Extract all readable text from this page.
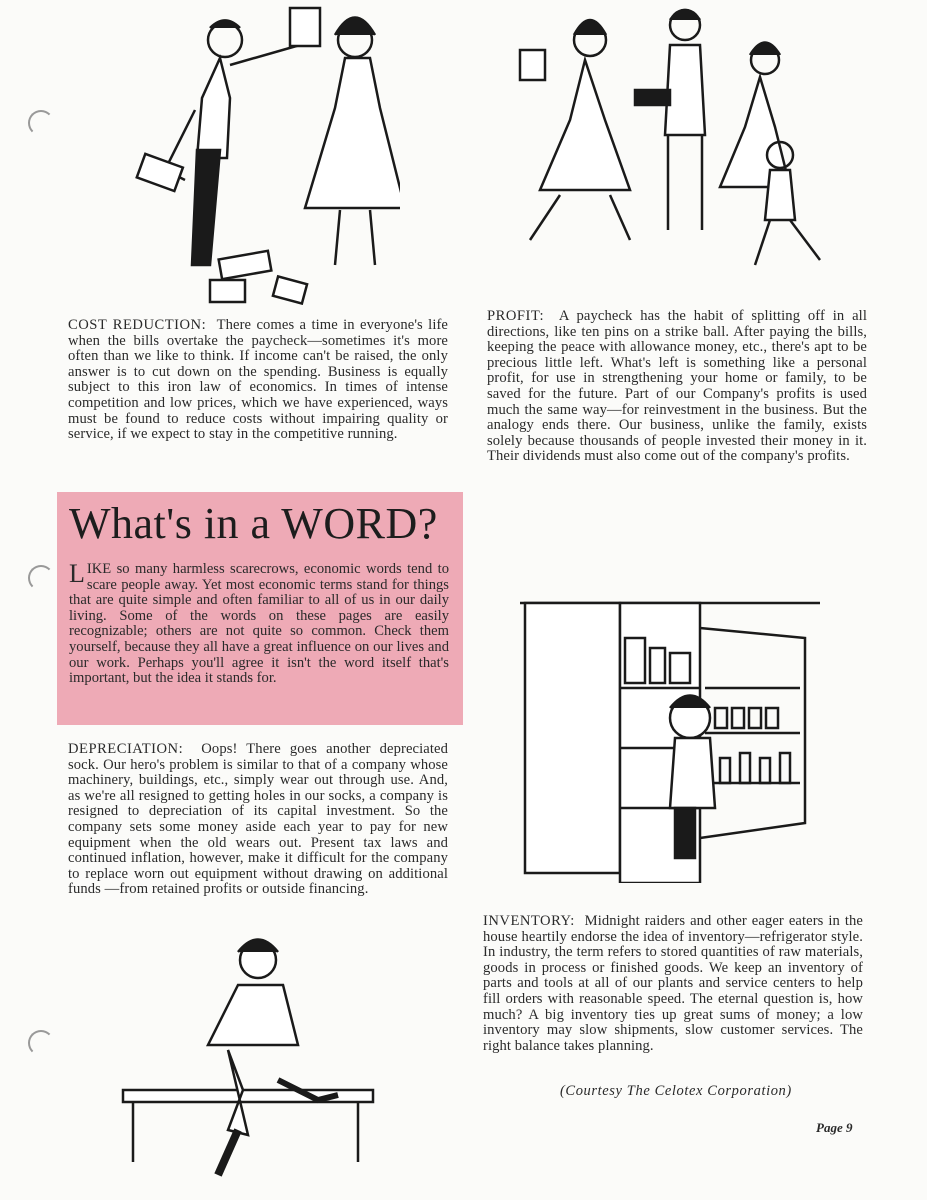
COST REDUCTION: There comes a time in everyone's life when the bills overtake the paycheck—sometimes it's more often than we like to think. If income can't be raised, the only answer is to cut down on the spending. Business is equally subject to this iron law of economics. In times of intense competition and low prices, which we have experienced, ways must be found to reduce costs without impairing quality or service, if we expect to stay in the competitive running.
PROFIT: A paycheck has the habit of splitting off in all directions, like ten pins on a strike ball. After paying the bills, keeping the peace with allowance money, etc., there's apt to be precious little left. What's left is something like a personal profit, for use in strengthening your home or family, to be saved for the future. Part of our Company's profits is used much the same way—for reinvestment in the business. But the analogy ends there. Our business, unlike the family, exists solely because thousands of people invested their money in it. Their dividends must also come out of the company's profits.
What's in a WORD?
LIKE so many harmless scarecrows, economic words tend to scare people away. Yet most economic terms stand for things that are quite simple and often familiar to all of us in our daily living. Some of the words on these pages are easily recognizable; others are not quite so common. Check them yourself, because they all have a great influence on our lives and our work. Perhaps you'll agree it isn't the word itself that's important, but the idea it stands for.
DEPRECIATION: Oops! There goes another depreciated sock. Our hero's problem is similar to that of a company whose machinery, buildings, etc., simply wear out through use. And, as we're all resigned to getting holes in our socks, a company is resigned to depreciation of its capital investment. So the company sets some money aside each year to pay for new equipment when the old wears out. Present tax laws and continued inflation, however, make it difficult for the company to replace worn out equipment without drawing on additional funds —from retained profits or outside financing.
INVENTORY: Midnight raiders and other eager eaters in the house heartily endorse the idea of inventory—refrigerator style. In industry, the term refers to stored quantities of raw materials, goods in process or finished goods. We keep an inventory of parts and tools at all of our plants and service centers to help fill orders with reasonable speed. The eternal question is, how much? A big inventory ties up great sums of money; a low inventory may slow shipments, slow customer services. The right balance takes planning.
(Courtesy The Celotex Corporation)
Page 9
